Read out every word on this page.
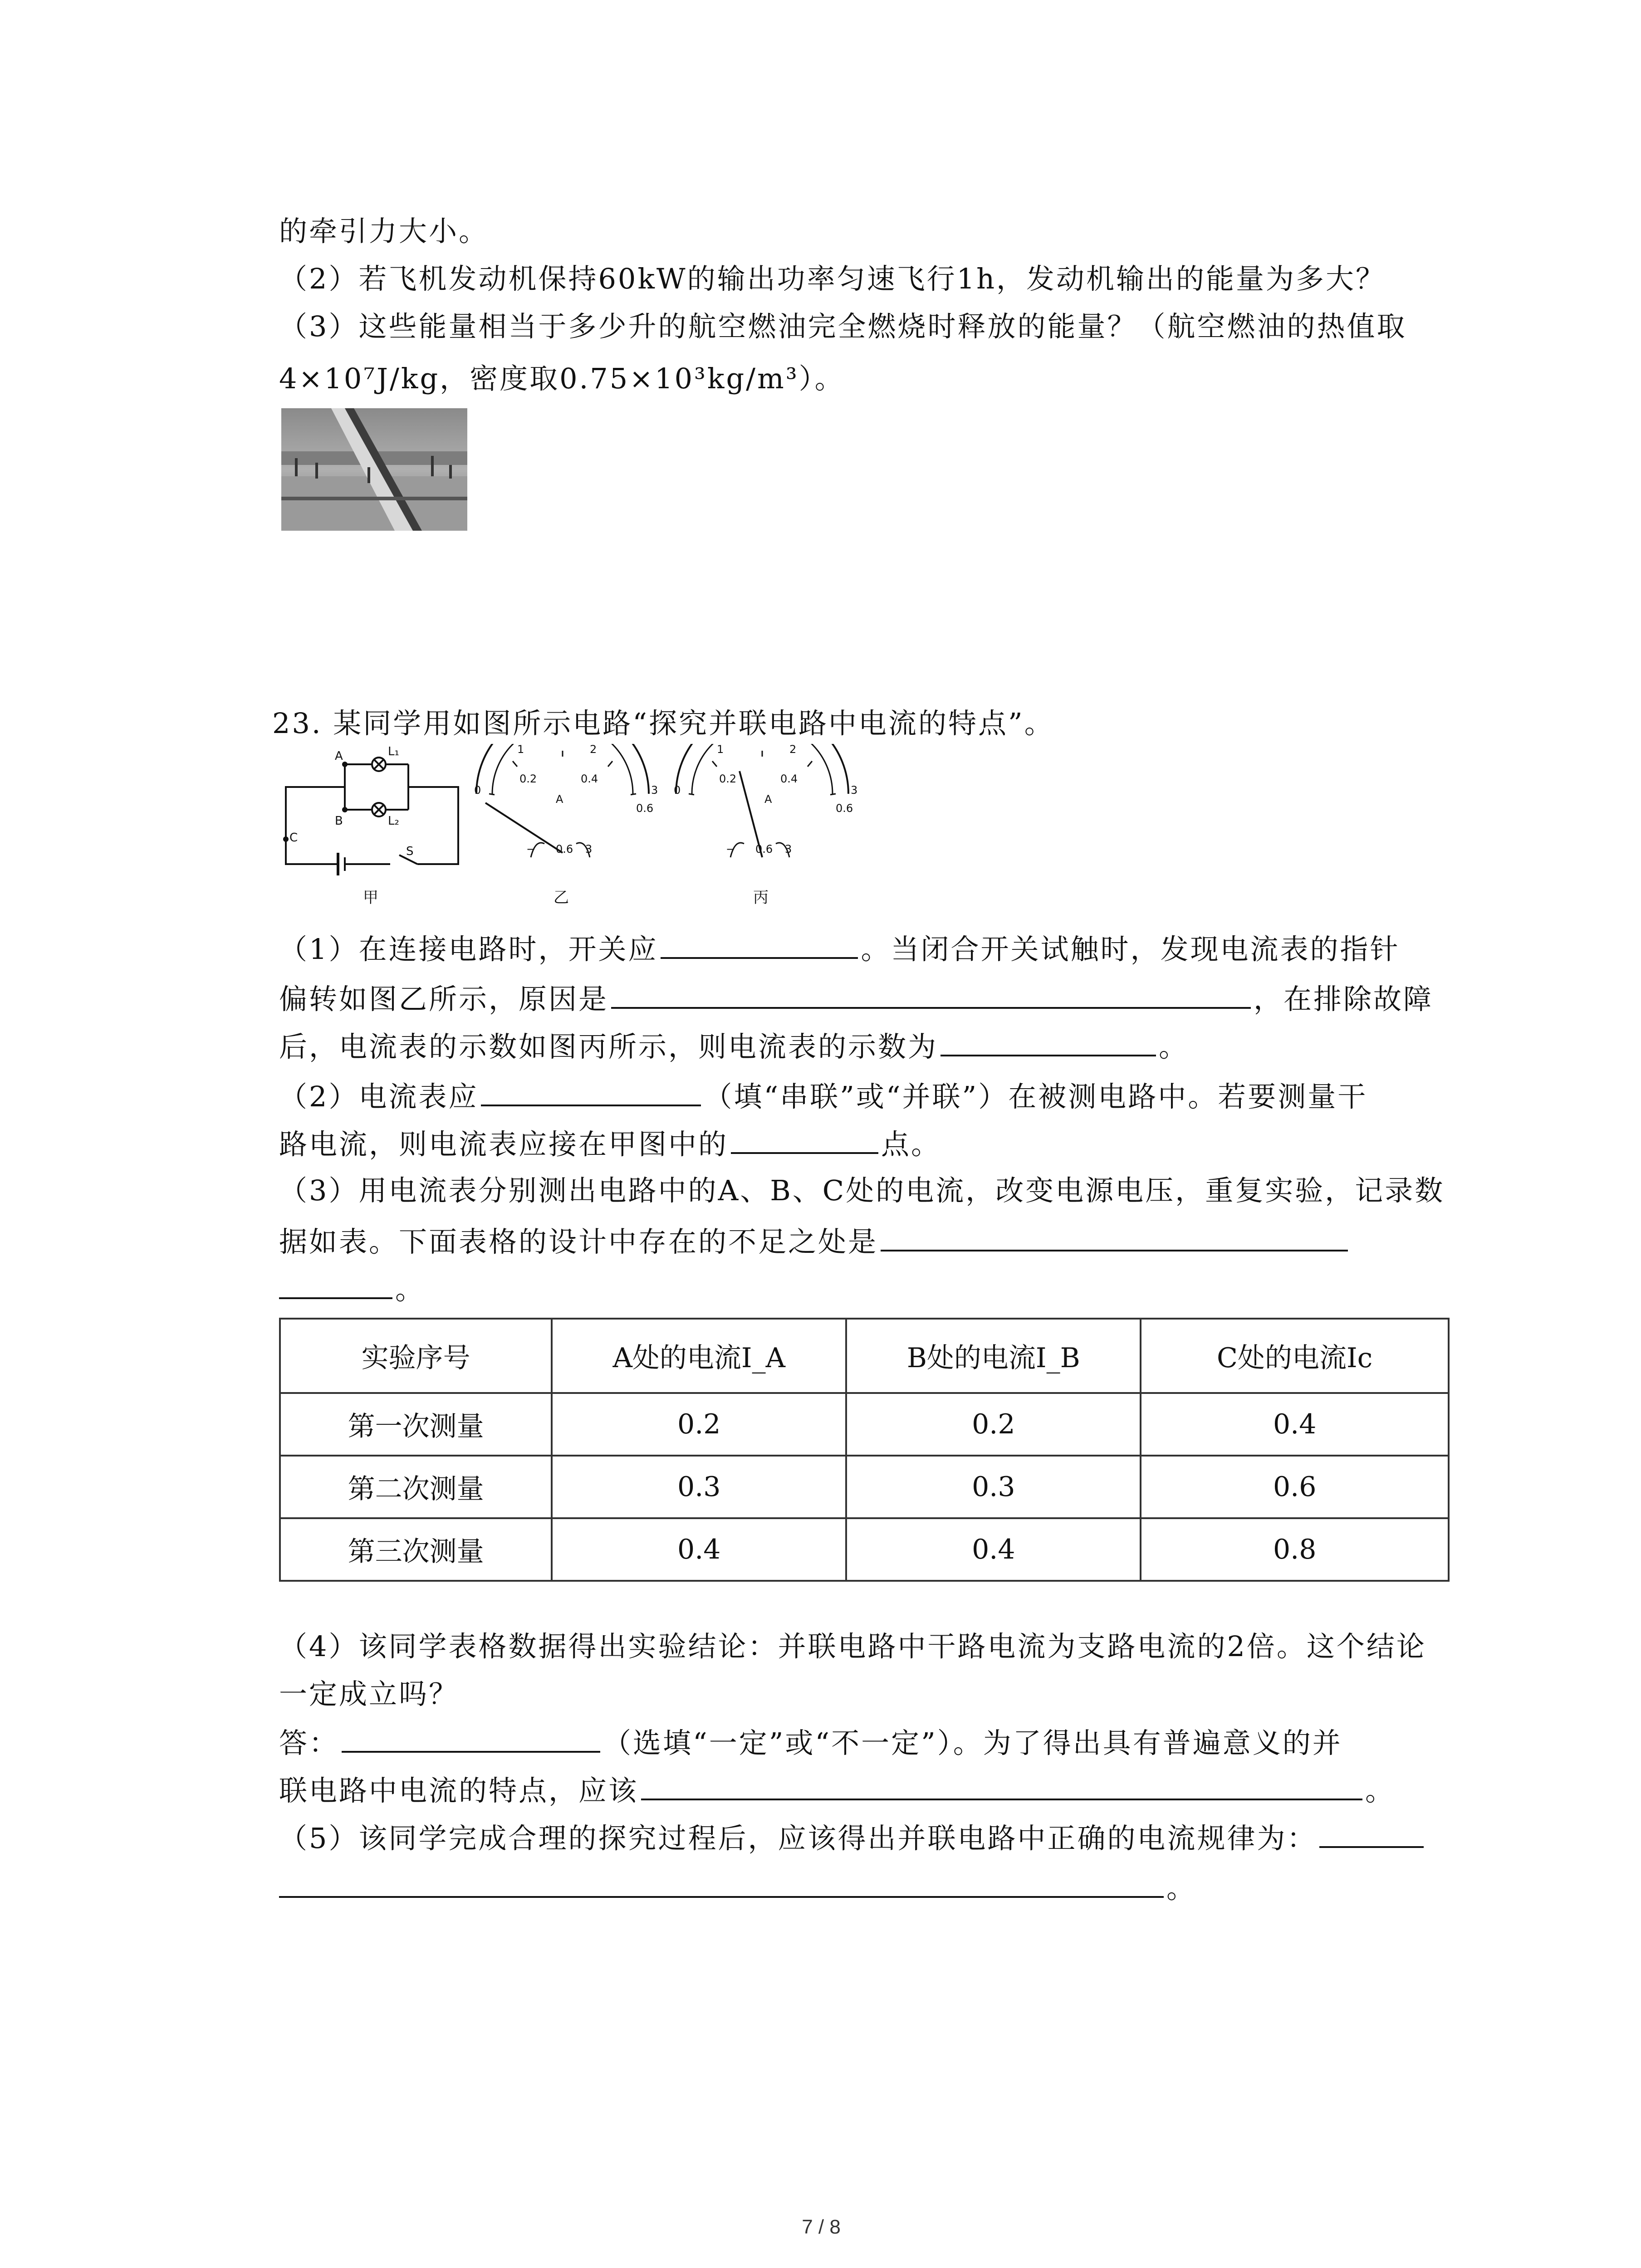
的牵引力大小。
（2）若飞机发动机保持60kW的输出功率匀速飞行1h，发动机输出的能量为多大？
（3）这些能量相当于多少升的航空燃油完全燃烧时释放的能量？（航空燃油的热值取
4×10⁷J/kg，密度取0.75×10³kg/m³）。
23. 某同学用如图所示电路“探究并联电路中电流的特点”。
A
B
C
L₁
L₂
S
甲
0
0.2	0.4
0.6
1	2
3
A
− 0.6 3
乙
0
0.2	0.4
0.6
1	2
3
A
− 0.6 3
丙
（1）在连接电路时，开关应	。当闭合开关试触时，发现电流表的指针
偏转如图乙所示，原因是	，在排除故障
后，电流表的示数如图丙所示，则电流表的示数为	。
（2）电流表应	（填“串联”或“并联”）在被测电路中。若要测量干
路电流，则电流表应接在甲图中的	点。
（3）用电流表分别测出电路中的A、B、C处的电流，改变电源电压，重复实验，记录数
据如表。下面表格的设计中存在的不足之处是
。
实验序号	A处的电流I_A	B处的电流I_B	C处的电流Ic
第一次测量	0.2	0.2	0.4
第二次测量	0.3	0.3	0.6
第三次测量	0.4	0.4	0.8
（4）该同学表格数据得出实验结论：并联电路中干路电流为支路电流的2倍。这个结论
一定成立吗？
答：	（选填“一定”或“不一定”）。为了得出具有普遍意义的并
联电路中电流的特点，应该	。
（5）该同学完成合理的探究过程后，应该得出并联电路中正确的电流规律为：
。
7 / 8
